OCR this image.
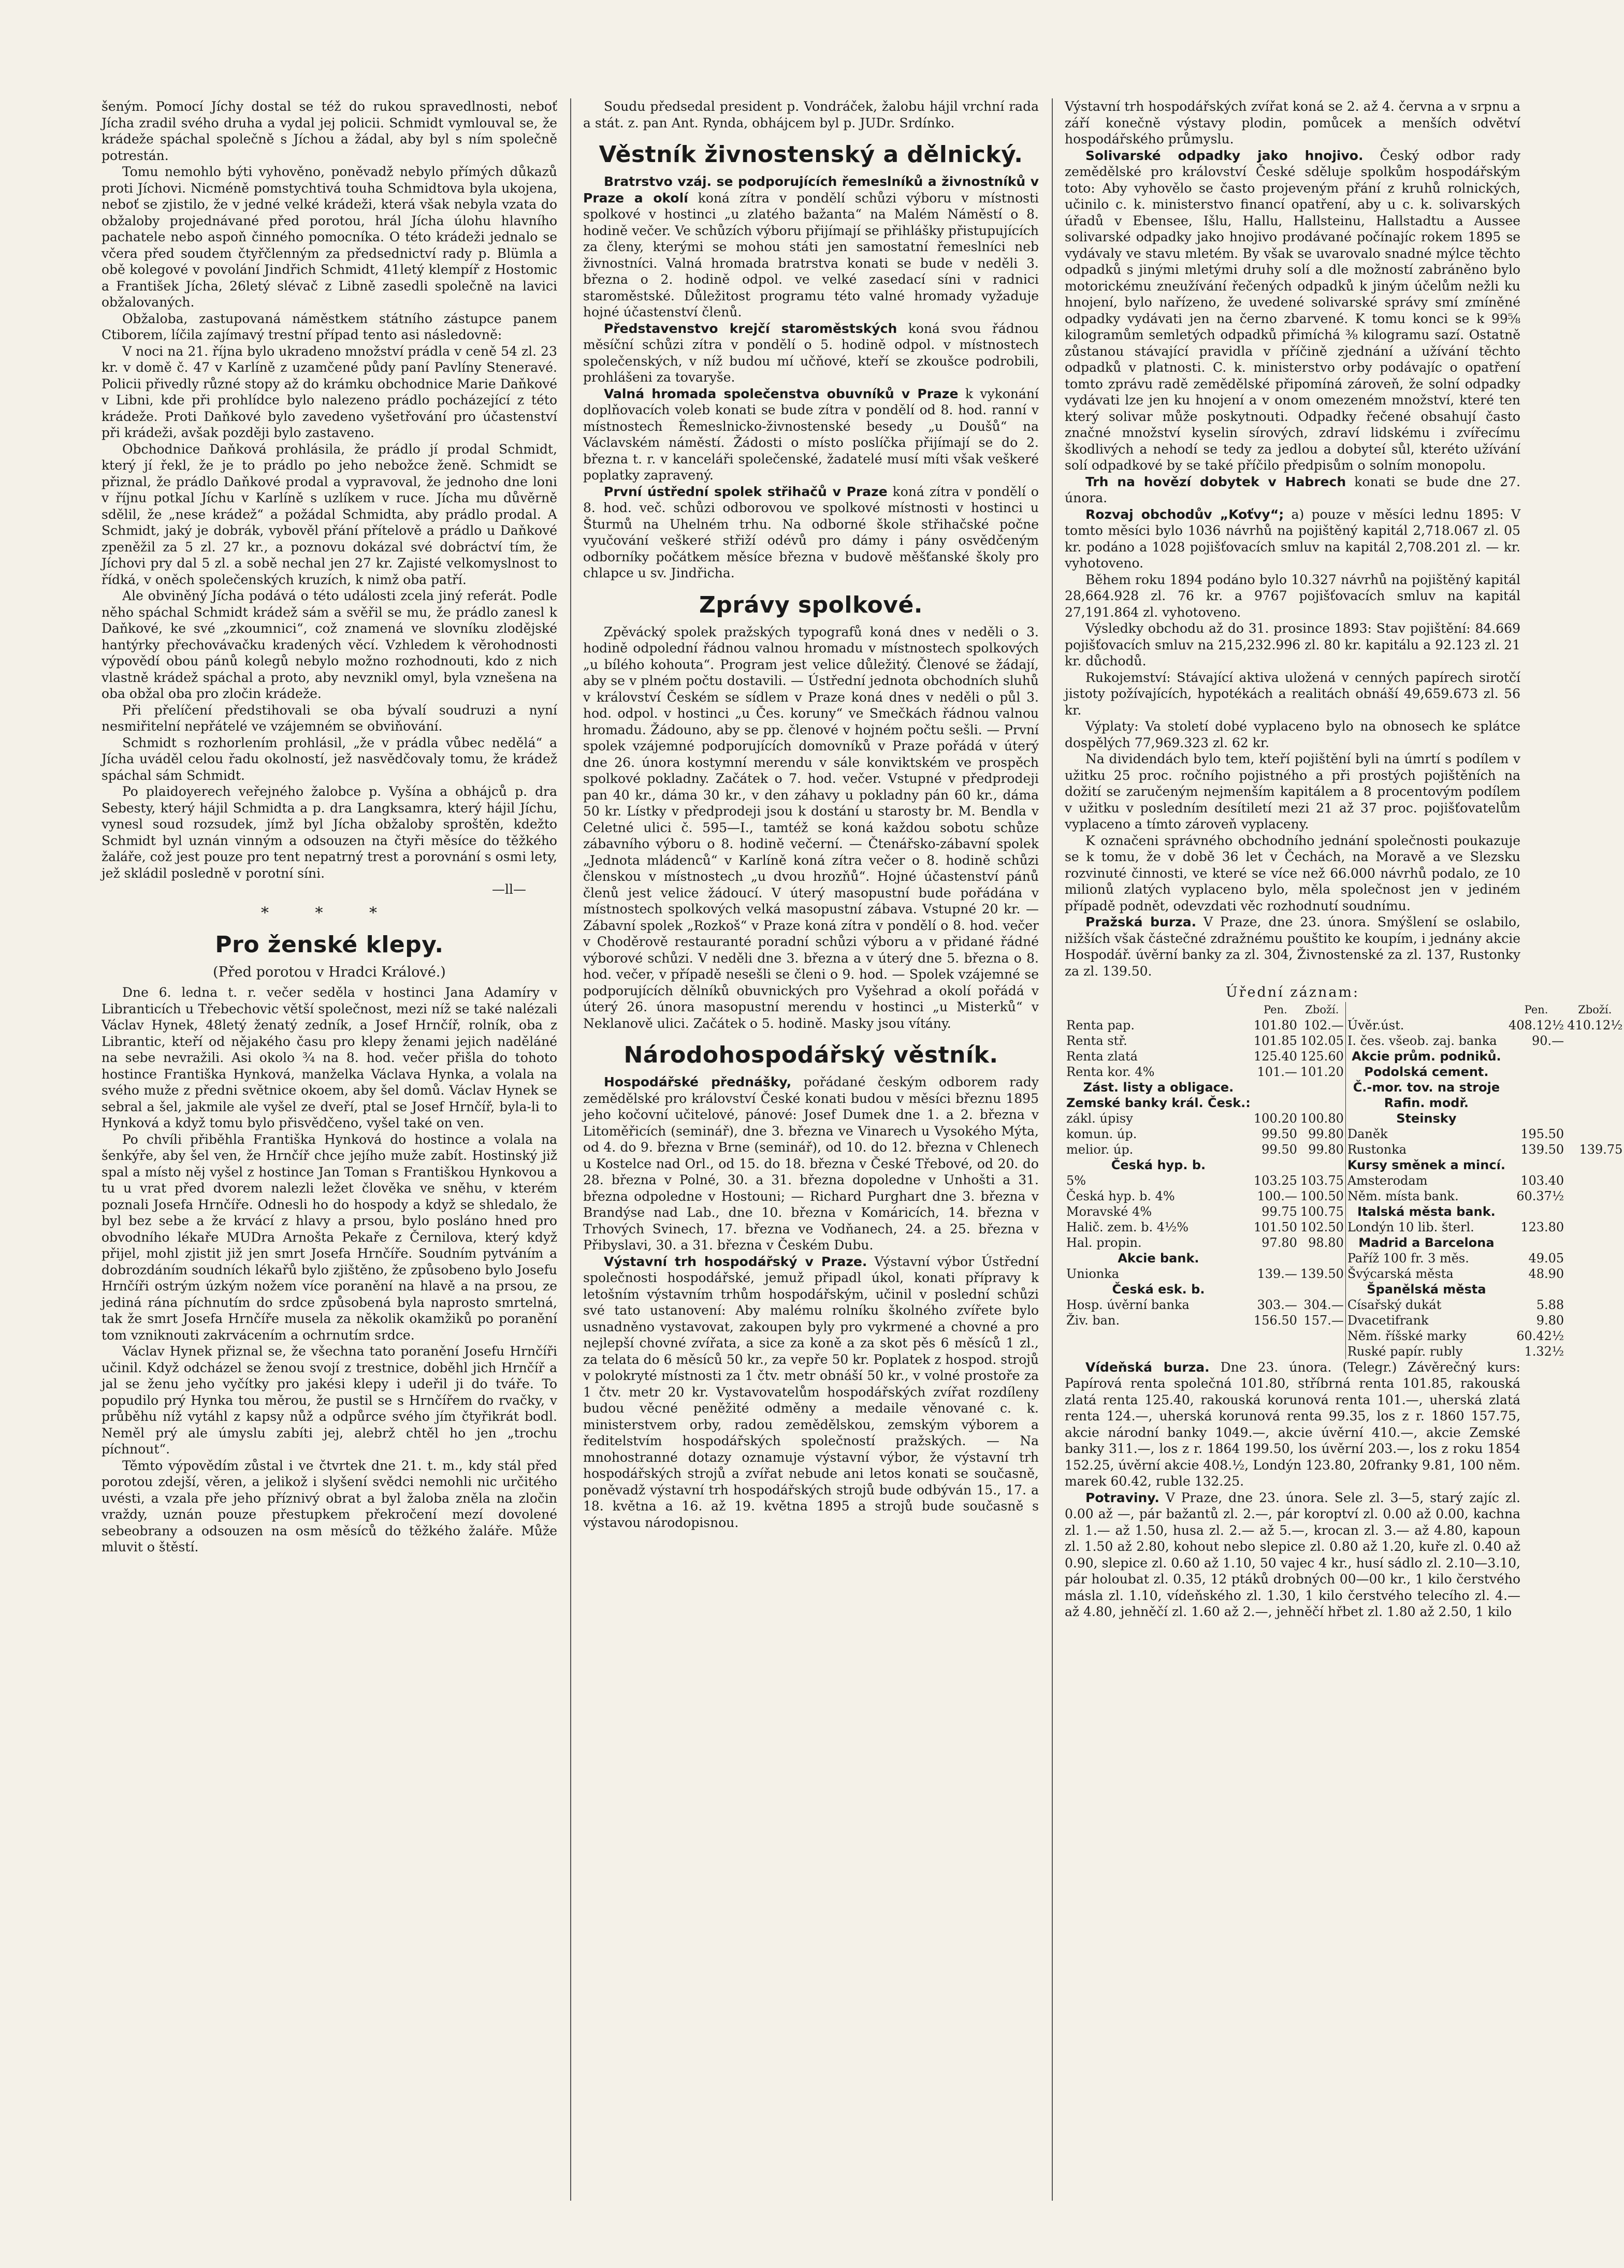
šeným. Pomocí Jíchy dostal se též do rukou spravedlnosti, neboť Jícha zradil svého druha a vydal jej policii. Schmidt vymlouval se, že krádeže spáchal společně s Jíchou a žádal, aby byl s ním společně potrestán.

Tomu nemohlo býti vyhověno, poněvadž nebylo přímých důkazů proti Jíchovi. Nicméně pomstychtivá touha Schmidtova byla ukojena, neboť se zjistilo, že v jedné velké krádeži, která však nebyla vzata do obžaloby projednávané před porotou, hrál Jícha úlohu hlavního pachatele nebo aspoň činného pomocníka. O této krádeži jednalo se včera před soudem čtyřčlenným za předsednictví rady p. Blümla a obě kolegové v povolání Jindřich Schmidt, 41letý klempíř z Hostomic a František Jícha, 26letý slévač z Libně zasedli společně na lavici obžalovaných.

Obžaloba, zastupovaná náměstkem státního zástupce panem Ctiborem, líčila zajímavý trestní případ tento asi následovně:

V noci na 21. října bylo ukradeno množství prádla v ceně 54 zl. 23 kr. v domě č. 47 v Karlíně z uzamčené půdy paní Pavlíny Steneravé. Policii přivedly různé stopy až do krámku obchodnice Marie Daňkové v Libni, kde při prohlídce bylo nalezeno prádlo pocházející z této krádeže. Proti Daňkové bylo zavedeno vyšetřování pro účastenství při krádeži, avšak později bylo zastaveno.

Obchodnice Daňková prohlásila, že prádlo jí prodal Schmidt, který jí řekl, že je to prádlo po jeho nebožce ženě. Schmidt se přiznal, že prádlo Daňkové prodal a vypravoval, že jednoho dne loni v říjnu potkal Jíchu v Karlíně s uzlíkem v ruce. Jícha mu důvěrně sdělil, že „nese krádež“ a požádal Schmidta, aby prádlo prodal. A Schmidt, jaký je dobrák, vybověl přání přítelově a prádlo u Daňkové zpeněžil za 5 zl. 27 kr., a poznovu dokázal své dobráctví tím, že Jíchovi pry dal 5 zl. a sobě nechal jen 27 kr. Zajisté velkomyslnost to řídká, v oněch společenských kruzích, k nimž oba patří.

Ale obviněný Jícha podává o této události zcela jiný referát. Podle něho spáchal Schmidt krádež sám a svěřil se mu, že prádlo zanesl k Daňkové, ke své „zkoumnici“, což znamená ve slovníku zlodějské hantýrky přechovávačku kradených věcí. Vzhledem k věrohodnosti výpovědí obou pánů kolegů nebylo možno rozhodnouti, kdo z nich vlastně krádež spáchal a proto, aby nevznikl omyl, byla vznešena na oba obžal oba pro zločin krádeže.

Při přelíčení předstihovali se oba bývalí soudruzi a nyní nesmiřitelní nepřátelé ve vzájemném se obviňování.

Schmidt s rozhorlením prohlásil, „že v prádla vůbec nedělá“ a Jícha uváděl celou řadu okolností, jež nasvědčovaly tomu, že krádež spáchal sám Schmidt.

Po plaidoyerech veřejného žalobce p. Vyšína a obhájců p. dra Sebesty, který hájil Schmidta a p. dra Langksamra, který hájil Jíchu, vynesl soud rozsudek, jímž byl Jícha obžaloby sproštěn, kdežto Schmidt byl uznán vinným a odsouzen na čtyři měsíce do těžkého žaláře, což jest pouze pro tent nepatrný trest a porovnání s osmi lety, jež skládil posledně v porotní síni.

—ll—
* * *
Pro ženské klepy.
(Před porotou v Hradci Králové.)

Dne 6. ledna t. r. večer seděla v hostinci Jana Adamíry v Libranticích u Třebechovic větší společnost, mezi níž se také nalézali Václav Hynek, 48letý ženatý zedník, a Josef Hrnčíř, rolník, oba z Librantic, kteří od nějakého času pro klepy ženami jejich naděláné na sebe nevražili. Asi okolo ¾ na 8. hod. večer přišla do tohoto hostince Františka Hynková, manželka Václava Hynka, a volala na svého muže z předni světnice okoem, aby šel domů. Václav Hynek se sebral a šel, jakmile ale vyšel ze dveří, ptal se Josef Hrnčíř, byla-li to Hynková a když tomu bylo přisvědčeno, vyšel také on ven.

Po chvíli přiběhla Františka Hynková do hostince a volala na šenkýře, aby šel ven, že Hrnčíř chce jejího muže zabít. Hostinský již spal a místo něj vyšel z hostince Jan Toman s Františkou Hynkovou a tu u vrat před dvorem nalezli ležet člověka ve sněhu, v kterém poznali Josefa Hrnčíře. Odnesli ho do hospody a když se shledalo, že byl bez sebe a že krvácí z hlavy a prsou, bylo posláno hned pro obvodního lékaře MUDra Arnošta Pekaře z Černilova, který když přijel, mohl zjistit již jen smrt Josefa Hrnčíře. Soudním pytváním a dobrozdáním soudních lékařů bylo zjištěno, že způsobeno bylo Josefu Hrnčíři ostrým úzkým nožem více poranění na hlavě a na prsou, ze jediná rána píchnutím do srdce způsobená byla naprosto smrtelná, tak že smrt Josefa Hrnčíře musela za několik okamžiků po poranění tom vzniknouti zakrvácením a ochrnutím srdce.

Václav Hynek přiznal se, že všechna tato poranění Josefu Hrnčíři učinil. Když odcházel se ženou svojí z trestnice, doběhl jich Hrnčíř a jal se ženu jeho vyčítky pro jakési klepy i udeřil ji do tváře. To popudilo prý Hynka tou měrou, že pustil se s Hrnčířem do rvačky, v průběhu níž vytáhl z kapsy nůž a odpůrce svého jím čtyřikrát bodl. Neměl prý ale úmyslu zabíti jej, alebrž chtěl ho jen „trochu píchnout“.

Těmto výpovědím zůstal i ve čtvrtek dne 21. t. m., kdy stál před porotou zdejší, věren, a jelikož i slyšení svědci nemohli nic určitého uvésti, a vzala pře jeho příznivý obrat a byl žaloba zněla na zločin vraždy, uznán pouze přestupkem překročení mezí dovolené sebeobrany a odsouzen na osm měsíců do těžkého žaláře. Může mluvit o štěstí.

Soudu předsedal president p. Vondráček, žalobu hájil vrchní rada a stát. z. pan Ant. Rynda, obhájcem byl p. JUDr. Srdínko.

Věstník živnostenský a dělnický.

Bratrstvo vzáj. se podporujících řemeslníků a živnostníků v Praze a okolí koná zítra v pondělí schůzi výboru v místnosti spolkové v hostinci „u zlatého bažanta“ na Malém Náměstí o 8. hodině večer. Ve schůzích výboru přijímají se přihlášky přistupujících za členy, kterými se mohou státi jen samostatní řemeslníci neb živnostníci. Valná hromada bratrstva konati se bude v neděli 3. března o 2. hodině odpol. ve velké zasedací síni v radnici staroměstské. Důležitost programu této valné hromady vyžaduje hojné účastenství členů.

Představenstvo krejčí staroměstských koná svou řádnou měsíční schůzi zítra v pondělí o 5. hodině odpol. v místnostech společenských, v níž budou mí učňové, kteří se zkoušce podrobili, prohlášeni za tovaryše.

Valná hromada společenstva obuvníků v Praze k vykonání doplňovacích voleb konati se bude zítra v pondělí od 8. hod. ranní v místnostech Řemeslnicko-živnostenské besedy „u Doušů“ na Václavském náměstí. Žádosti o místo poslíčka přijímají se do 2. března t. r. v kanceláři společenské, žadatelé musí míti však veškeré poplatky zapravený.

První ústřední spolek střihačů v Praze koná zítra v pondělí o 8. hod. več. schůzi odborovou ve spolkové místnosti v hostinci u Šturmů na Uhelném trhu. Na odborné škole střihačské počne vyučování veškeré střiží odévů pro dámy i pány osvědčeným odborníky počátkem měsíce března v budově měšťanské školy pro chlapce u sv. Jindřicha.

Zprávy spolkové.

Zpěvácký spolek pražských typografů koná dnes v neděli o 3. hodině odpolední řádnou valnou hromadu v místnostech spolkových „u bílého kohouta“. Program jest velice důležitý. Členové se žádají, aby se v plném počtu dostavili. — Ústřední jednota obchodních sluhů v království Českém se sídlem v Praze koná dnes v neděli o půl 3. hod. odpol. v hostinci „u Čes. koruny“ ve Smečkách řádnou valnou hromadu. Žádouno, aby se pp. členové v hojném počtu sešli. — První spolek vzájemné podporujících domovníků v Praze pořádá v úterý dne 26. února kostymní merendu v sále konviktském ve prospěch spolkové pokladny. Začátek o 7. hod. večer. Vstupné v předprodeji pan 40 kr., dáma 30 kr., v den záhavy u pokladny pán 60 kr., dáma 50 kr. Lístky v předprodeji jsou k dostání u starosty br. M. Bendla v Celetné ulici č. 595—I., tamtéž se koná každou sobotu schůze zábavního výboru o 8. hodině večerní. — Čtenářsko-zábavní spolek „Jednota mládenců“ v Karlíně koná zítra večer o 8. hodině schůzi členskou v místnostech „u dvou hrozňů“. Hojné účastenství pánů členů jest velice žádoucí. V úterý masopustní bude pořádána v místnostech spolkových velká masopustní zábava. Vstupné 20 kr. — Zábavní spolek „Rozkoš“ v Praze koná zítra v pondělí o 8. hod. večer v Choděrově restauranté poradní schůzi výboru a v přidané řádné výborové schůzi. V neděli dne 3. března a v úterý dne 5. března o 8. hod. večer, v případě nesešli se členi o 9. hod. — Spolek vzájemné se podporujících dělníků obuvnických pro Vyšehrad a okolí pořádá v úterý 26. února masopustní merendu v hostinci „u Misterků“ v Neklanově ulici. Začátek o 5. hodině. Masky jsou vítány.

Národohospodářský věstník.

Hospodářské přednášky, pořádané českým odborem rady zemědělské pro království České konati budou v měsíci březnu 1895 jeho kočovní učitelové, pánové: Josef Dumek dne 1. a 2. března v Litoměřicích (seminář), dne 3. března ve Vinarech u Vysokého Mýta, od 4. do 9. března v Brne (seminář), od 10. do 12. března v Chlenech u Kostelce nad Orl., od 15. do 18. března v České Třebové, od 20. do 28. března v Polné, 30. a 31. března dopoledne v Unhošti a 31. března odpoledne v Hostouni; — Richard Purghart dne 3. března v Brandýse nad Lab., dne 10. března v Komáricích, 14. března v Trhových Svinech, 17. března ve Vodňanech, 24. a 25. března v Přibyslavi, 30. a 31. března v Českém Dubu.

Výstavní trh hospodářský v Praze. Výstavní výbor Ústřední společnosti hospodářské, jemuž připadl úkol, konati přípravy k letošním výstavním trhům hospodářským, učinil v poslední schůzi své tato ustanovení: Aby malému rolníku školného zvířete bylo usnadněno vystavovat, zakoupen byly pro vykrmené a chovné a pro nejlepší chovné zvířata, a sice za koně a za skot pěs 6 měsíců 1 zl., za telata do 6 měsíců 50 kr., za vepře 50 kr. Poplatek z hospod. strojů v polokryté místnosti za 1 čtv. metr obnáší 50 kr., v volné prostoře za 1 čtv. metr 20 kr. Vystavovatelům hospodářských zvířat rozdíleny budou věcné peněžité odměny a medaile věnované c. k. ministerstvem orby, radou zemědělskou, zemským výborem a ředitelstvím hospodářských společností pražských. — Na mnohostranné dotazy oznamuje výstavní výbor, že výstavní trh hospodářských strojů a zvířat nebude ani letos konati se současně, poněvadž výstavní trh hospodářských strojů bude odbýván 15., 17. a 18. května a 16. až 19. května 1895 a strojů bude současně s výstavou národopisnou.

Výstavní trh hospodářských zvířat koná se 2. až 4. června a v srpnu a září konečně výstavy plodin, pomůcek a menších odvětví hospodářského průmyslu.

Solivarské odpadky jako hnojivo. Český odbor rady zemědělské pro království České sděluje spolkům hospodářským toto: Aby vyhovělo se často projeveným přání z kruhů rolnických, učinilo c. k. ministerstvo financí opatření, aby u c. k. solivarských úřadů v Ebensee, Išlu, Hallu, Hallsteinu, Hallstadtu a Aussee solivarské odpadky jako hnojivo prodávané počínajíc rokem 1895 se vydávaly ve stavu mletém. By však se uvarovalo snadné mýlce těchto odpadků s jinými mletými druhy solí a dle možností zabráněno bylo motorickému zneužívání řečených odpadků k jiným účelům nežli ku hnojení, bylo nařízeno, že uvedené solivarské správy smí zmíněné odpadky vydávati jen na černo zbarvené. K tomu konci se k 99⅝ kilogramům semletých odpadků přimíchá ⅜ kilogramu sazí. Ostatně zůstanou stávající pravidla v příčině zjednání a užívání těchto odpadků v platnosti. C. k. ministerstvo orby podávajíc o opatření tomto zprávu radě zemědělské připomíná zároveň, že solní odpadky vydávati lze jen ku hnojení a v onom omezeném množství, které ten který solivar může poskytnouti. Odpadky řečené obsahují často značné množství kyselin sírových, zdraví lidskému i zvířecímu škodlivých a nehodí se tedy za jedlou a dobyteí sůl, kteréto užívání solí odpadkové by se také příčilo předpisům o solním monopolu.

Trh na hovězí dobytek v Habrech konati se bude dne 27. února.

Rozvaj obchodův „Koťvy“; a) pouze v měsíci lednu 1895: V tomto měsíci bylo 1036 návrhů na pojištěný kapitál 2,718.067 zl. 05 kr. podáno a 1028 pojišťovacích smluv na kapitál 2,708.201 zl. — kr. vyhotoveno.

Během roku 1894 podáno bylo 10.327 návrhů na pojištěný kapitál 28,664.928 zl. 76 kr. a 9767 pojišťovacích smluv na kapitál 27,191.864 zl. vyhotoveno.

Výsledky obchodu až do 31. prosince 1893: Stav pojištění: 84.669 pojišťovacích smluv na 215,232.996 zl. 80 kr. kapitálu a 92.123 zl. 21 kr. důchodů.

Rukojemství: Stávající aktiva uložená v cenných papírech sirotčí jistoty požívajících, hypotékách a realitách obnáší 49,659.673 zl. 56 kr.

Výplaty: Va století dobé vyplaceno bylo na obnosech ke splátce dospělých 77,969.323 zl. 62 kr.

Na dividendách bylo tem, kteří pojištění byli na úmrtí s podílem v užitku 25 proc. ročního pojistného a při prostých pojištěních na dožití se zaručeným nejmenším kapitálem a 8 procentovým podílem v užitku v posledním desítiletí mezi 21 až 37 proc. pojišťovatelům vyplaceno a tímto zároveň vyplaceny.

K označeni správného obchodního jednání společnosti poukazuje se k tomu, že v době 36 let v Čechách, na Moravě a ve Slezsku rozvinuté činnosti, ve které se více než 66.000 návrhů podalo, ze 10 milionů zlatých vyplaceno bylo, měla společnost jen v jediném případě podnět, odevzdati věc rozhodnutí soudnímu.

Pražská burza. V Praze, dne 23. února. Smýšlení se oslabilo, nižších však částečné zdražnému pouštito ke koupím, i jednány akcie Hospodář. úvěrní banky za zl. 304, Živnostenské za zl. 137, Rustonky za zl. 139.50.

Úřední záznam:
	Pen.	Zboží.		Pen.	Zboží.
Renta pap.	101.80	102.—	Úvěr.úst.	408.12½	410.12½
Renta stř.	101.85	102.05	I. čes. všeob. zaj. banka	90.—	
Renta zlatá	125.40	125.60	Akcie prům. podniků.		
Renta kor. 4%	101.—	101.20	Podolská cement.		
Zást. listy a obligace.			Č.-mor. tov. na stroje		
Zemské banky král. Česk.:			Rafin. modř.		
zákl. úpisy	100.20	100.80	Steinsky		
komun. úp.	99.50	99.80	Daněk	195.50	
melior. úp.	99.50	99.80	Rustonka	139.50	139.75
Česká hyp. b.			Kursy směnek a mincí.		
5%	103.25	103.75	Amsterodam	103.40	
Česká hyp. b. 4%	100.—	100.50	Něm. místa bank.	60.37½	
Moravské 4%	99.75	100.75	Italská města bank.		
Halič. zem. b. 4½%	101.50	102.50	Londýn 10 lib. šterl.	123.80	
Hal. propin.	97.80	98.80	Madrid a Barcelona		
Akcie bank.			Paříž 100 fr. 3 měs.	49.05	
Unionka	139.—	139.50	Švýcarská města	48.90	
Česká esk. b.			Španělská města		
Hosp. úvěrní banka	303.—	304.—	Císařský dukát	5.88	
Živ. ban.	156.50	157.—	Dvacetifrank	9.80	
			Něm. říšské marky	60.42½	
			Ruské papír. rubly	1.32½	

Vídeňská burza. Dne 23. února. (Telegr.) Závěrečný kurs: Papírová renta společná 101.80, stříbrná renta 101.85, rakouská zlatá renta 125.40, rakouská korunová renta 101.—, uherská zlatá renta 124.—, uherská korunová renta 99.35, los z r. 1860 157.75, akcie národní banky 1049.—, akcie úvěrní 410.—, akcie Zemské banky 311.—, los z r. 1864 199.50, los úvěrní 203.—, los z roku 1854 152.25, úvěrní akcie 408.½, Londýn 123.80, 20franky 9.81, 100 něm. marek 60.42, ruble 132.25.

Potraviny. V Praze, dne 23. února. Sele zl. 3—5, starý zajíc zl. 0.00 až —, pár bažantů zl. 2.—, pár koroptví zl. 0.00 až 0.00, kachna zl. 1.— až 1.50, husa zl. 2.— až 5.—, krocan zl. 3.— až 4.80, kapoun zl. 1.50 až 2.80, kohout nebo slepice zl. 0.80 až 1.20, kuře zl. 0.40 až 0.90, slepice zl. 0.60 až 1.10, 50 vajec 4 kr., husí sádlo zl. 2.10—3.10, pár holoubat zl. 0.35, 12 ptáků drobných 00—00 kr., 1 kilo čerstvého másla zl. 1.10, vídeňského zl. 1.30, 1 kilo čerstvého telecího zl. 4.— až 4.80, jehněčí zl. 1.60 až 2.—, jehněčí hřbet zl. 1.80 až 2.50, 1 kilo
